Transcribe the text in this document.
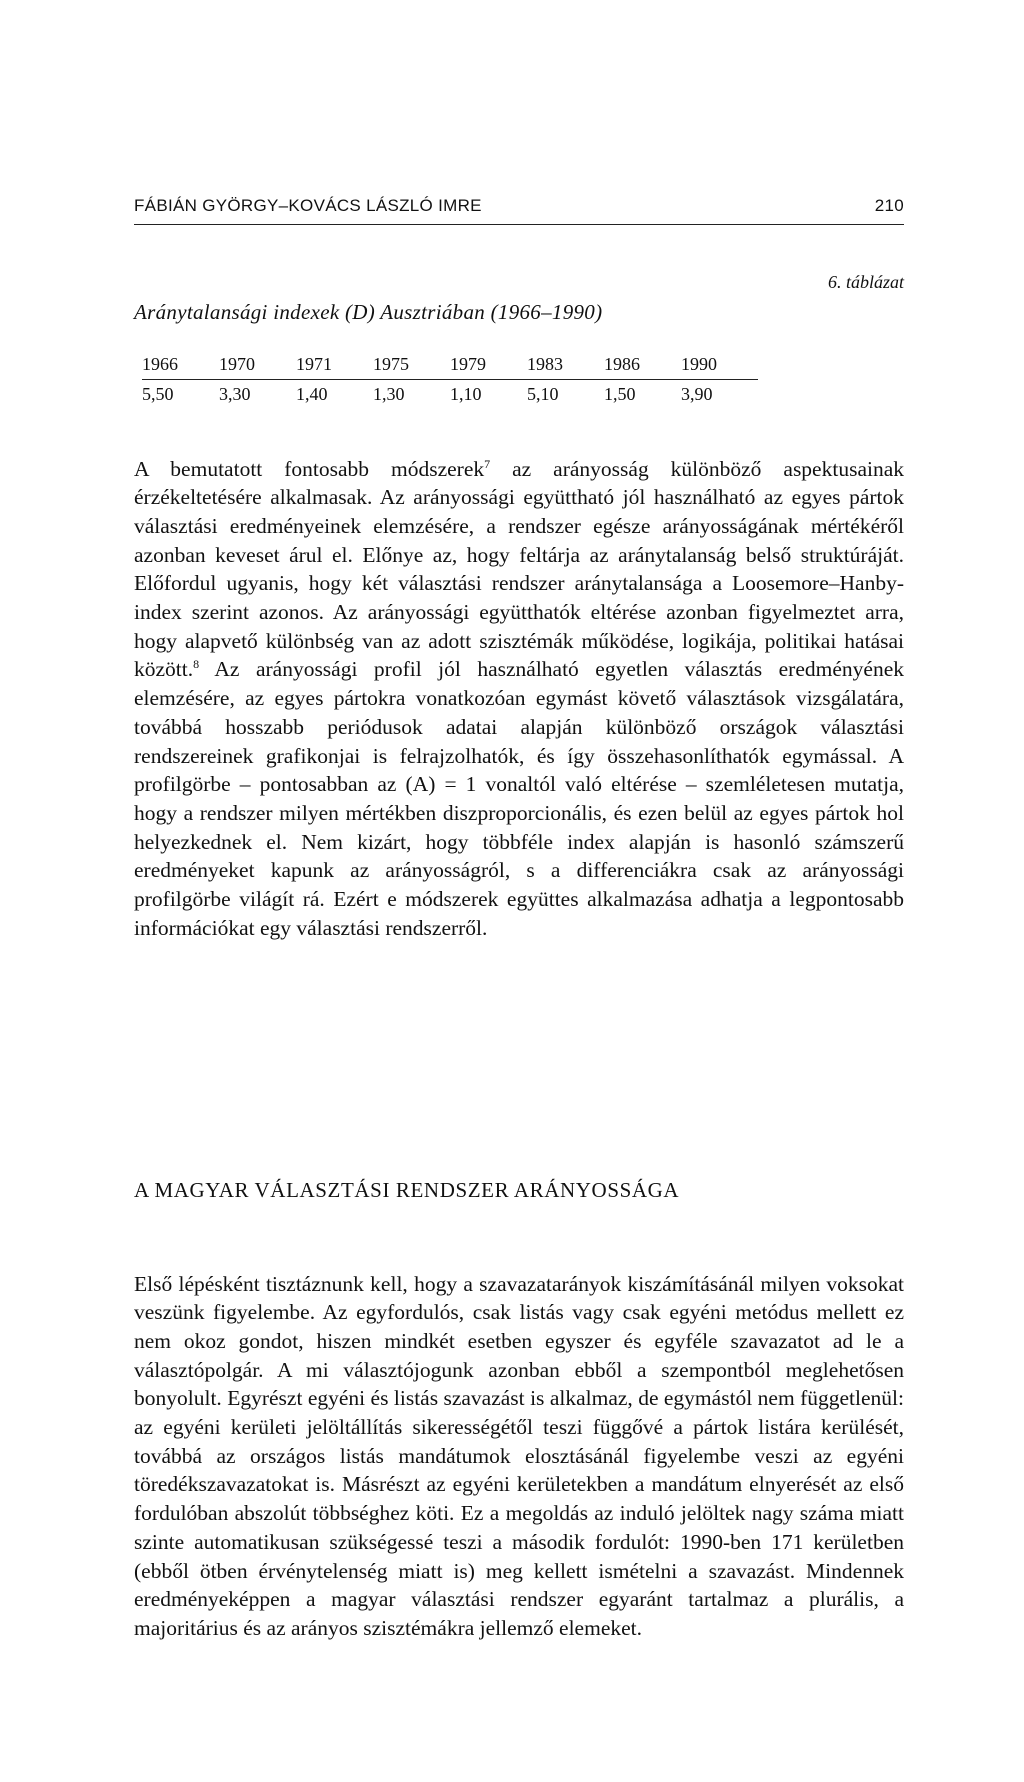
FÁBIÁN GYÖRGY–KOVÁCS LÁSZLÓ IMRE	210
6. táblázat
Aránytalansági indexek (D) Ausztriában (1966–1990)
1966	1970	1971	1975	1979	1983	1986	1990
5,50	3,30	1,40	1,30	1,10	5,10	1,50	3,90

A bemutatott fontosabb módszerek$^7$ az arányosság különböző aspektusainak érzékeltetésére alkalmasak. Az arányossági együttható jól használható az egyes pártok választási eredményeinek elemzésére, a rendszer egésze arányosságának mértékéről azonban keveset árul el. Előnye az, hogy feltárja az aránytalanság belső struktúráját. Előfordul ugyanis, hogy két választási rendszer aránytalansága a Loosemore–Hanby-index szerint azonos. Az arányossági együtthatók eltérése azonban figyelmeztet arra, hogy alapvető különbség van az adott szisztémák működése, logikája, politikai hatásai között.$^8$ Az arányossági profil jól használható egyetlen választás eredményének elemzésére, az egyes pártokra vonatkozóan egymást követő választások vizsgálatára, továbbá hosszabb periódusok adatai alapján különböző országok választási rendszereinek grafikonjai is felrajzolhatók, és így összehasonlíthatók egymással. A profilgörbe – pontosabban az (A) = 1 vonaltól való eltérése – szemléletesen mutatja, hogy a rendszer milyen mértékben diszproporcionális, és ezen belül az egyes pártok hol helyezkednek el. Nem kizárt, hogy többféle index alapján is hasonló számszerű eredményeket kapunk az arányosságról, s a differenciákra csak az arányossági profilgörbe világít rá. Ezért e módszerek együttes alkalmazása adhatja a legpontosabb információkat egy választási rendszerről.

A MAGYAR VÁLASZTÁSI RENDSZER ARÁNYOSSÁGA

Első lépésként tisztáznunk kell, hogy a szavazatarányok kiszámításánál milyen voksokat veszünk figyelembe. Az egyfordulós, csak listás vagy csak egyéni metódus mellett ez nem okoz gondot, hiszen mindkét esetben egyszer és egyféle szavazatot ad le a választópolgár. A mi választójogunk azonban ebből a szempontból meglehetősen bonyolult. Egyrészt egyéni és listás szavazást is alkalmaz, de egymástól nem függetlenül: az egyéni kerületi jelöltállítás sikerességétől teszi függővé a pártok listára kerülését, továbbá az országos listás mandátumok elosztásánál figyelembe veszi az egyéni töredékszavazatokat is. Másrészt az egyéni kerületekben a mandátum elnyerését az első fordulóban abszolút többséghez köti. Ez a megoldás az induló jelöltek nagy száma miatt szinte automatikusan szükségessé teszi a második fordulót: 1990-ben 171 kerületben (ebből ötben érvénytelenség miatt is) meg kellett ismételni a szavazást. Mindennek eredményeképpen a magyar választási rendszer egyaránt tartalmaz a plurális, a majoritárius és az arányos szisztémákra jellemző elemeket.
